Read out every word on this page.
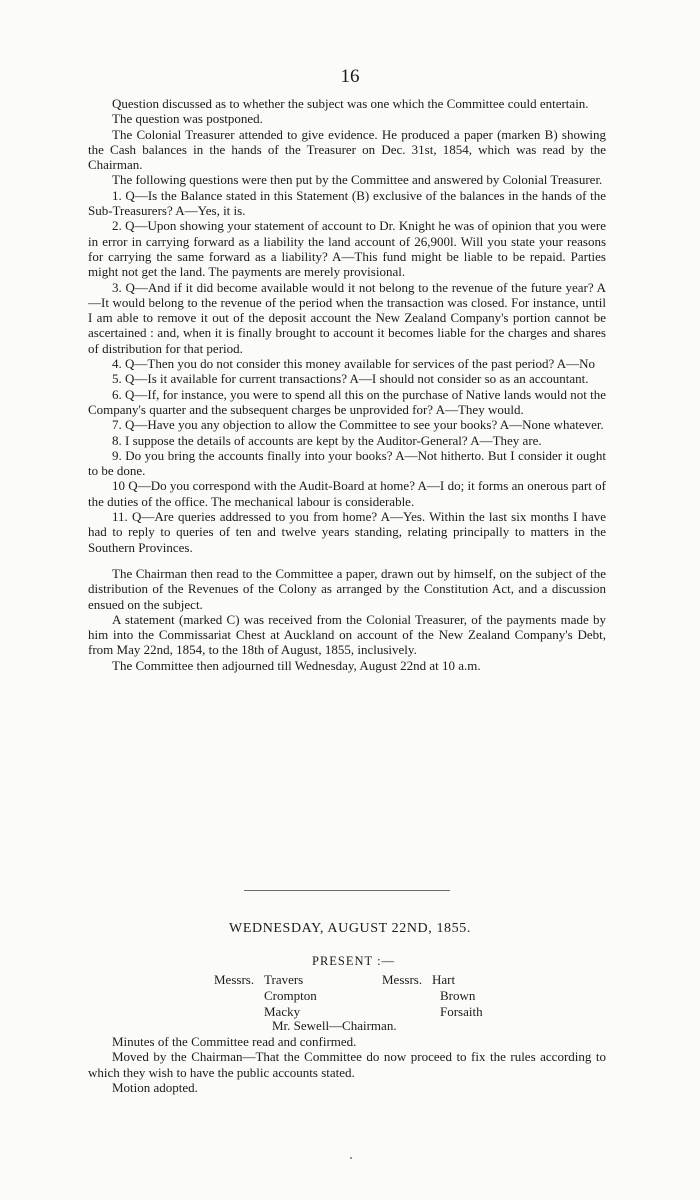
16

Question discussed as to whether the subject was one which the Committee could entertain.

The question was postponed.

The Colonial Treasurer attended to give evidence. He produced a paper (marken B) showing the Cash balances in the hands of the Treasurer on Dec. 31st, 1854, which was read by the Chairman.

The following questions were then put by the Committee and answered by Colonial Treasurer.

1. Q—Is the Balance stated in this Statement (B) exclusive of the balances in the hands of the Sub-Treasurers? A—Yes, it is.

2. Q—Upon showing your statement of account to Dr. Knight he was of opinion that you were in error in carrying forward as a liability the land account of 26,900l. Will you state your reasons for carrying the same forward as a liability? A—This fund might be liable to be repaid. Parties might not get the land. The payments are merely provisional.

3. Q—And if it did become available would it not belong to the revenue of the future year? A—It would belong to the revenue of the period when the transaction was closed. For instance, until I am able to remove it out of the deposit account the New Zealand Company's portion cannot be ascertained : and, when it is finally brought to account it becomes liable for the charges and shares of distribution for that period.

4. Q—Then you do not consider this money available for services of the past period? A—No

5. Q—Is it available for current transactions? A—I should not consider so as an accountant.

6. Q—If, for instance, you were to spend all this on the purchase of Native lands would not the Company's quarter and the subsequent charges be unprovided for? A—They would.

7. Q—Have you any objection to allow the Committee to see your books? A—None whatever.

8. I suppose the details of accounts are kept by the Auditor-General? A—They are.

9. Do you bring the accounts finally into your books? A—Not hitherto. But I consider it ought to be done.

10 Q—Do you correspond with the Audit-Board at home? A—I do; it forms an onerous part of the duties of the office. The mechanical labour is considerable.

11. Q—Are queries addressed to you from home? A—Yes. Within the last six months I have had to reply to queries of ten and twelve years standing, relating principally to matters in the Southern Provinces.

The Chairman then read to the Committee a paper, drawn out by himself, on the subject of the distribution of the Revenues of the Colony as arranged by the Constitution Act, and a discussion ensued on the subject.

A statement (marked C) was received from the Colonial Treasurer, of the payments made by him into the Commissariat Chest at Auckland on account of the New Zealand Company's Debt, from May 22nd, 1854, to the 18th of August, 1855, inclusively.

The Committee then adjourned till Wednesday, August 22nd at 10 a.m.

WEDNESDAY, AUGUST 22ND, 1855.
PRESENT :—
Messrs. Travers
Crompton
Macky
Messrs. Hart
Brown
Forsaith
Mr. Sewell—Chairman.

Minutes of the Committee read and confirmed.

Moved by the Chairman—That the Committee do now proceed to fix the rules according to which they wish to have the public accounts stated.

Motion adopted.
